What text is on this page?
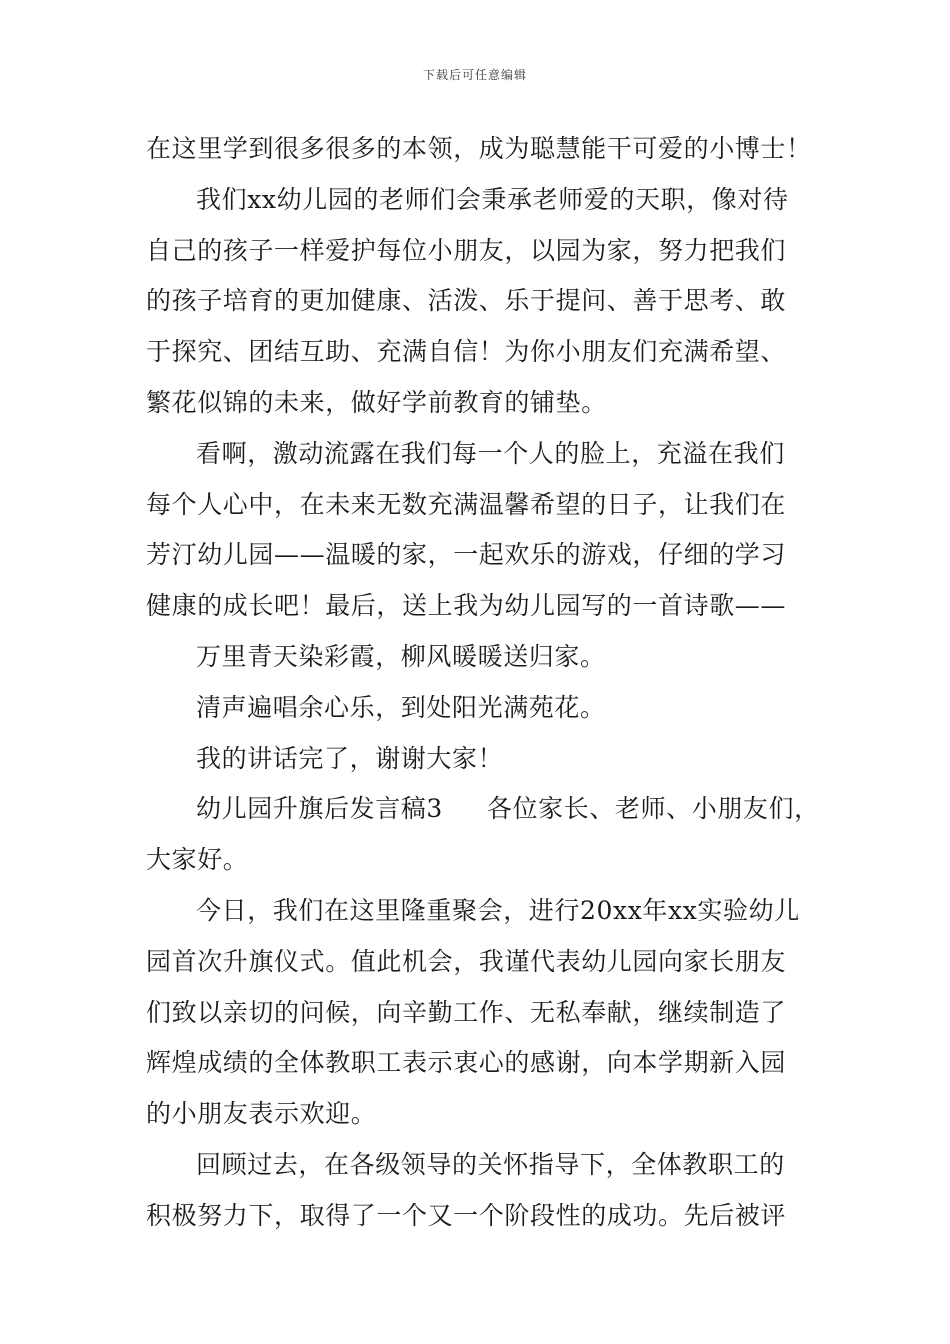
下载后可任意编辑
在这里学到很多很多的本领，成为聪慧能干可爱的小博士！
我们xx幼儿园的老师们会秉承老师爱的天职，像对待
自己的孩子一样爱护每位小朋友，以园为家，努力把我们
的孩子培育的更加健康、活泼、乐于提问、善于思考、敢
于探究、团结互助、充满自信！为你小朋友们充满希望、
繁花似锦的未来，做好学前教育的铺垫。
看啊，激动流露在我们每一个人的脸上，充溢在我们
每个人心中，在未来无数充满温馨希望的日子，让我们在
芳汀幼儿园——温暖的家，一起欢乐的游戏，仔细的学习
健康的成长吧！最后，送上我为幼儿园写的一首诗歌——
万里青天染彩霞，柳风暖暖送归家。
清声遍唱余心乐，到处阳光满苑花。
我的讲话完了，谢谢大家！
幼儿园升旗后发言稿3 各位家长、老师、小朋友们，
大家好。
今日，我们在这里隆重聚会，进行20xx年xx实验幼儿
园首次升旗仪式。值此机会，我谨代表幼儿园向家长朋友
们致以亲切的问候，向辛勤工作、无私奉献，继续制造了
辉煌成绩的全体教职工表示衷心的感谢，向本学期新入园
的小朋友表示欢迎。
回顾过去，在各级领导的关怀指导下，全体教职工的
积极努力下，取得了一个又一个阶段性的成功。先后被评
